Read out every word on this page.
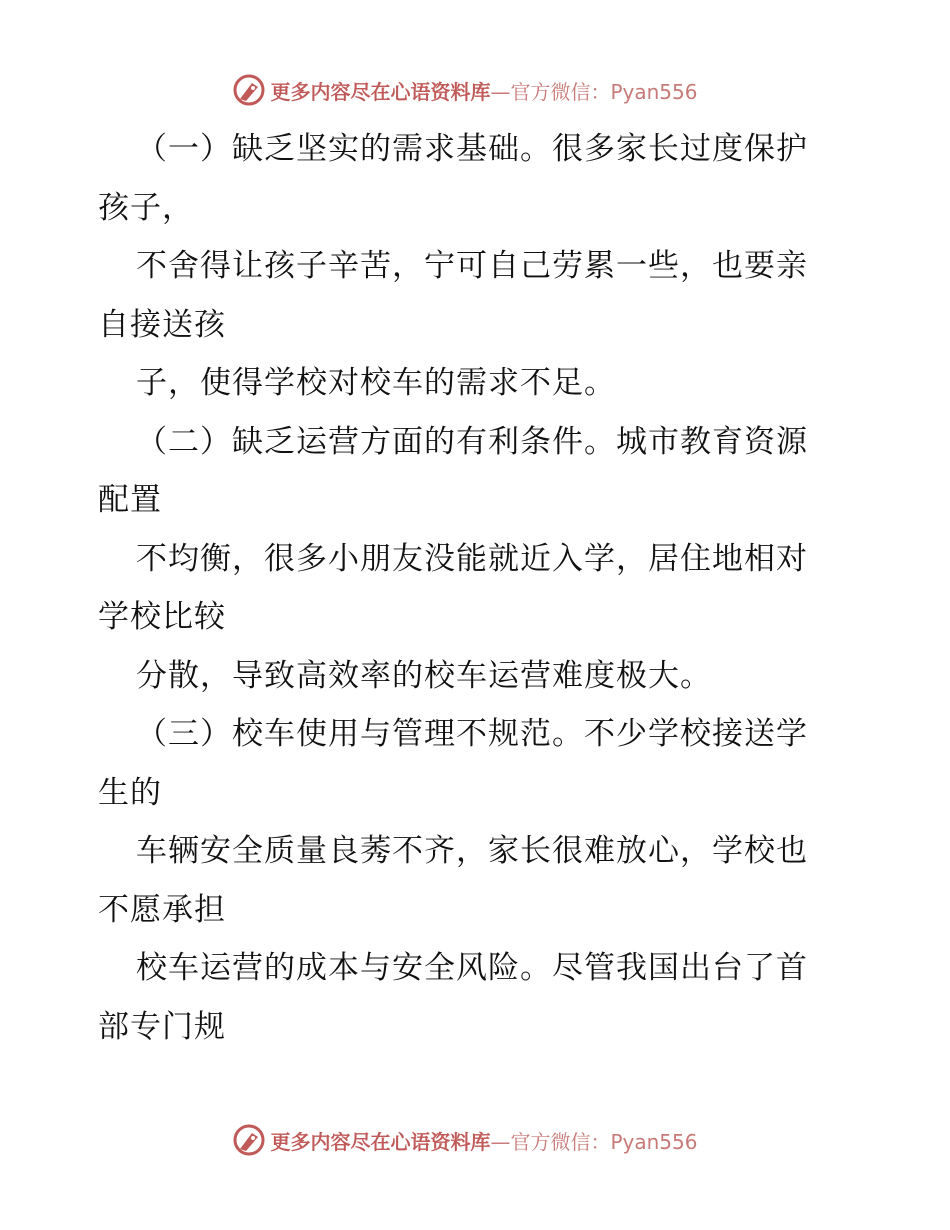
更多内容尽在心语资料库—官方微信：Pyan556
（一）缺乏坚实的需求基础。很多家长过度保护
孩子，
不舍得让孩子辛苦，宁可自己劳累一些，也要亲
自接送孩
子，使得学校对校车的需求不足。
（二）缺乏运营方面的有利条件。城市教育资源
配置
不均衡，很多小朋友没能就近入学，居住地相对
学校比较
分散，导致高效率的校车运营难度极大。
（三）校车使用与管理不规范。不少学校接送学
生的
车辆安全质量良莠不齐，家长很难放心，学校也
不愿承担
校车运营的成本与安全风险。尽管我国出台了首
部专门规
更多内容尽在心语资料库—官方微信：Pyan556
